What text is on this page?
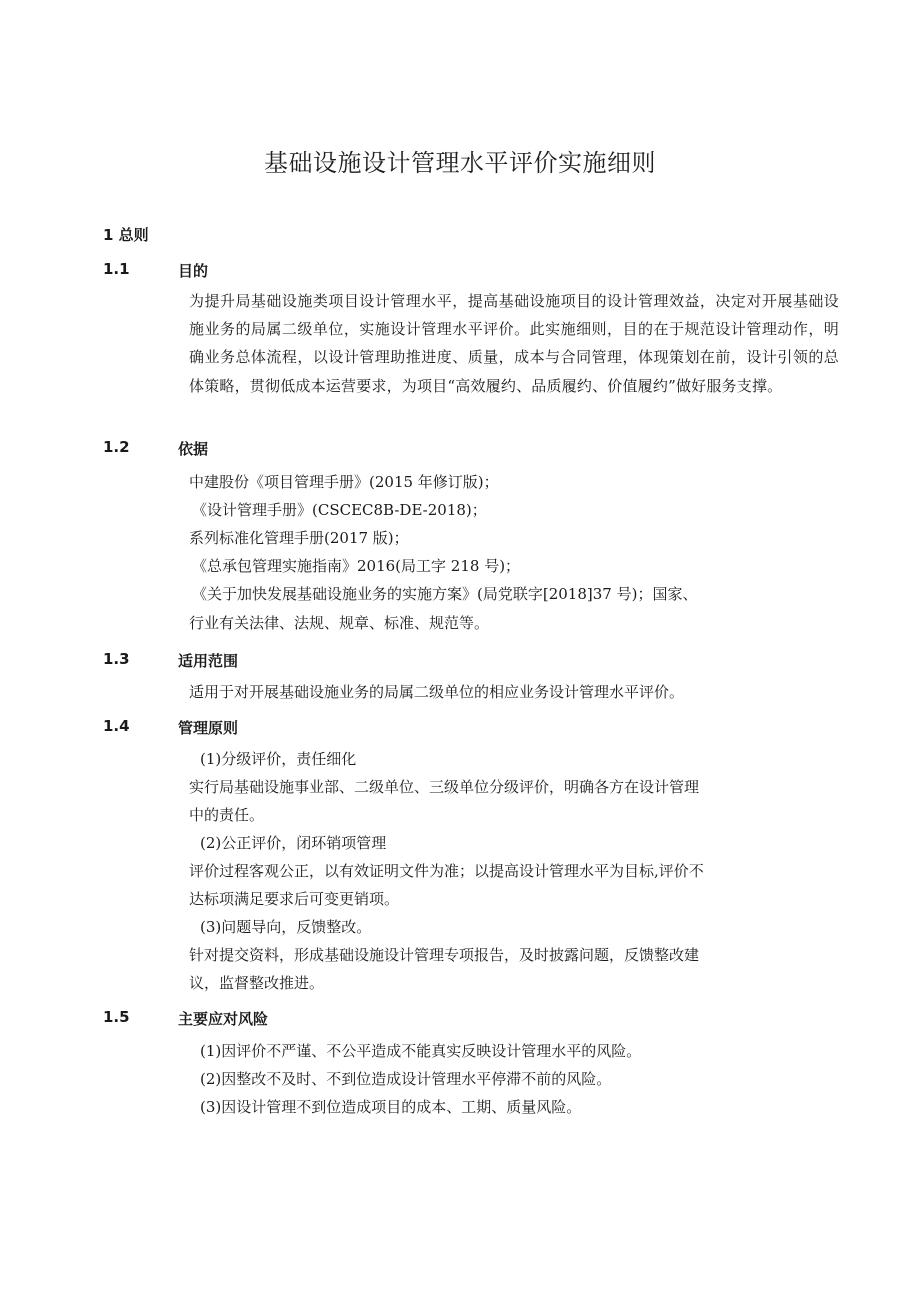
基础设施设计管理水平评价实施细则
1 总则
1.1	目的
为提升局基础设施类项目设计管理水平，提高基础设施项目的设计管理效益，决定对开展基础设施业务的局属二级单位，实施设计管理水平评价。此实施细则，目的在于规范设计管理动作，明确业务总体流程，以设计管理助推进度、质量，成本与合同管理，体现策划在前，设计引领的总体策略，贯彻低成本运营要求，为项目“高效履约、品质履约、价值履约”做好服务支撑。
1.2	依据
中建股份《项目管理手册》(2015 年修订版)；
《设计管理手册》(CSCEC8B-DE-2018)；
系列标准化管理手册(2017 版)；
《总承包管理实施指南》2016(局工字 218 号)；
《关于加快发展基础设施业务的实施方案》(局党联字[2018]37 号)；国家、
行业有关法律、法规、规章、标准、规范等。
1.3	适用范围
适用于对开展基础设施业务的局属二级单位的相应业务设计管理水平评价。
1.4	管理原则
(1)分级评价，责任细化
实行局基础设施事业部、二级单位、三级单位分级评价，明确各方在设计管理
中的责任。
(2)公正评价，闭环销项管理
评价过程客观公正，以有效证明文件为准；以提高设计管理水平为目标,评价不
达标项满足要求后可变更销项。
(3)问题导向，反馈整改。
针对提交资料，形成基础设施设计管理专项报告，及时披露问题，反馈整改建
议，监督整改推进。
1.5	主要应对风险
(1)因评价不严谨、不公平造成不能真实反映设计管理水平的风险。
(2)因整改不及时、不到位造成设计管理水平停滞不前的风险。
(3)因设计管理不到位造成项目的成本、工期、质量风险。
